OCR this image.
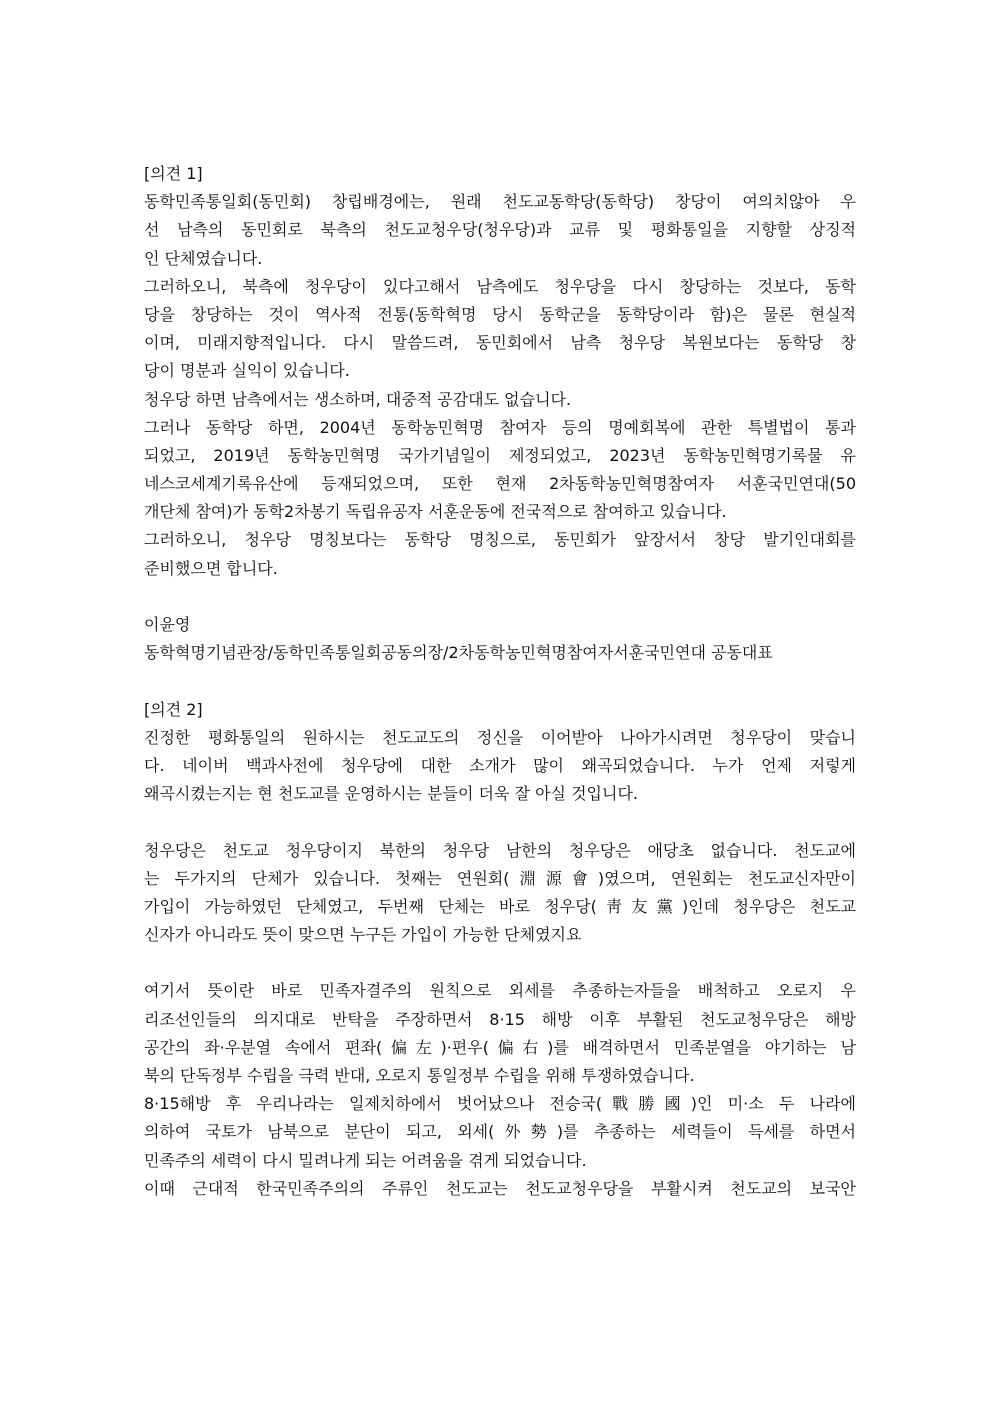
[의견 1]
동학민족통일회(동민회) 창립배경에는, 원래 천도교동학당(동학당) 창당이 여의치않아 우
선 남측의 동민회로 북측의 천도교청우당(청우당)과 교류 및 평화통일을 지향할 상징적
인 단체였습니다.
그러하오니, 북측에 청우당이 있다고해서 남측에도 청우당을 다시 창당하는 것보다, 동학
당을 창당하는 것이 역사적 전통(동학혁명 당시 동학군을 동학당이라 함)은 물론 현실적
이며, 미래지향적입니다. 다시 말씀드려, 동민회에서 남측 청우당 복원보다는 동학당 창
당이 명분과 실익이 있습니다.
청우당 하면 남측에서는 생소하며, 대중적 공감대도 없습니다.
그러나 동학당 하면, 2004년 동학농민혁명 참여자 등의 명예회복에 관한 특별법이 통과
되었고, 2019년 동학농민혁명 국가기념일이 제정되었고, 2023년 동학농민혁명기록물 유
네스코세계기록유산에 등재되었으며, 또한 현재 2차동학농민혁명참여자 서훈국민연대(50
개단체 참여)가 동학2차봉기 독립유공자 서훈운동에 전국적으로 참여하고 있습니다.
그러하오니, 청우당 명칭보다는 동학당 명칭으로, 동민회가 앞장서서 창당 발기인대회를
준비했으면 합니다.
이윤영
동학혁명기념관장/동학민족통일회공동의장/2차동학농민혁명참여자서훈국민연대 공동대표
[의견 2]
진정한 평화통일의 원하시는 천도교도의 정신을 이어받아 나아가시려면 청우당이 맞습니
다. 네이버 백과사전에 청우당에 대한 소개가 많이 왜곡되었습니다. 누가 언제 저렇게
왜곡시켰는지는 현 천도교를 운영하시는 분들이 더욱 잘 아실 것입니다.
청우당은 천도교 청우당이지 북한의 청우당 남한의 청우당은 애당초 없습니다. 천도교에
는 두가지의 단체가 있습니다. 첫째는 연원회(淵源會)였으며, 연원회는 천도교신자만이
가입이 가능하였던 단체였고, 두번째 단체는 바로 청우당(靑友黨)인데 청우당은 천도교
신자가 아니라도 뜻이 맞으면 누구든 가입이 가능한 단체였지요
여기서 뜻이란 바로 민족자결주의 원칙으로 외세를 추종하는자들을 배척하고 오로지 우
리조선인들의 의지대로 반탁을 주장하면서 8·15 해방 이후 부활된 천도교청우당은 해방
공간의 좌·우분열 속에서 편좌(偏左)·편우(偏右)를 배격하면서 민족분열을 야기하는 남
북의 단독정부 수립을 극력 반대, 오로지 통일정부 수립을 위해 투쟁하였습니다.
8·15해방 후 우리나라는 일제치하에서 벗어났으나 전승국(戰勝國)인 미·소 두 나라에
의하여 국토가 남북으로 분단이 되고, 외세(外勢)를 추종하는 세력들이 득세를 하면서
민족주의 세력이 다시 밀려나게 되는 어려움을 겪게 되었습니다.
이때 근대적 한국민족주의의 주류인 천도교는 천도교청우당을 부활시켜 천도교의 보국안
